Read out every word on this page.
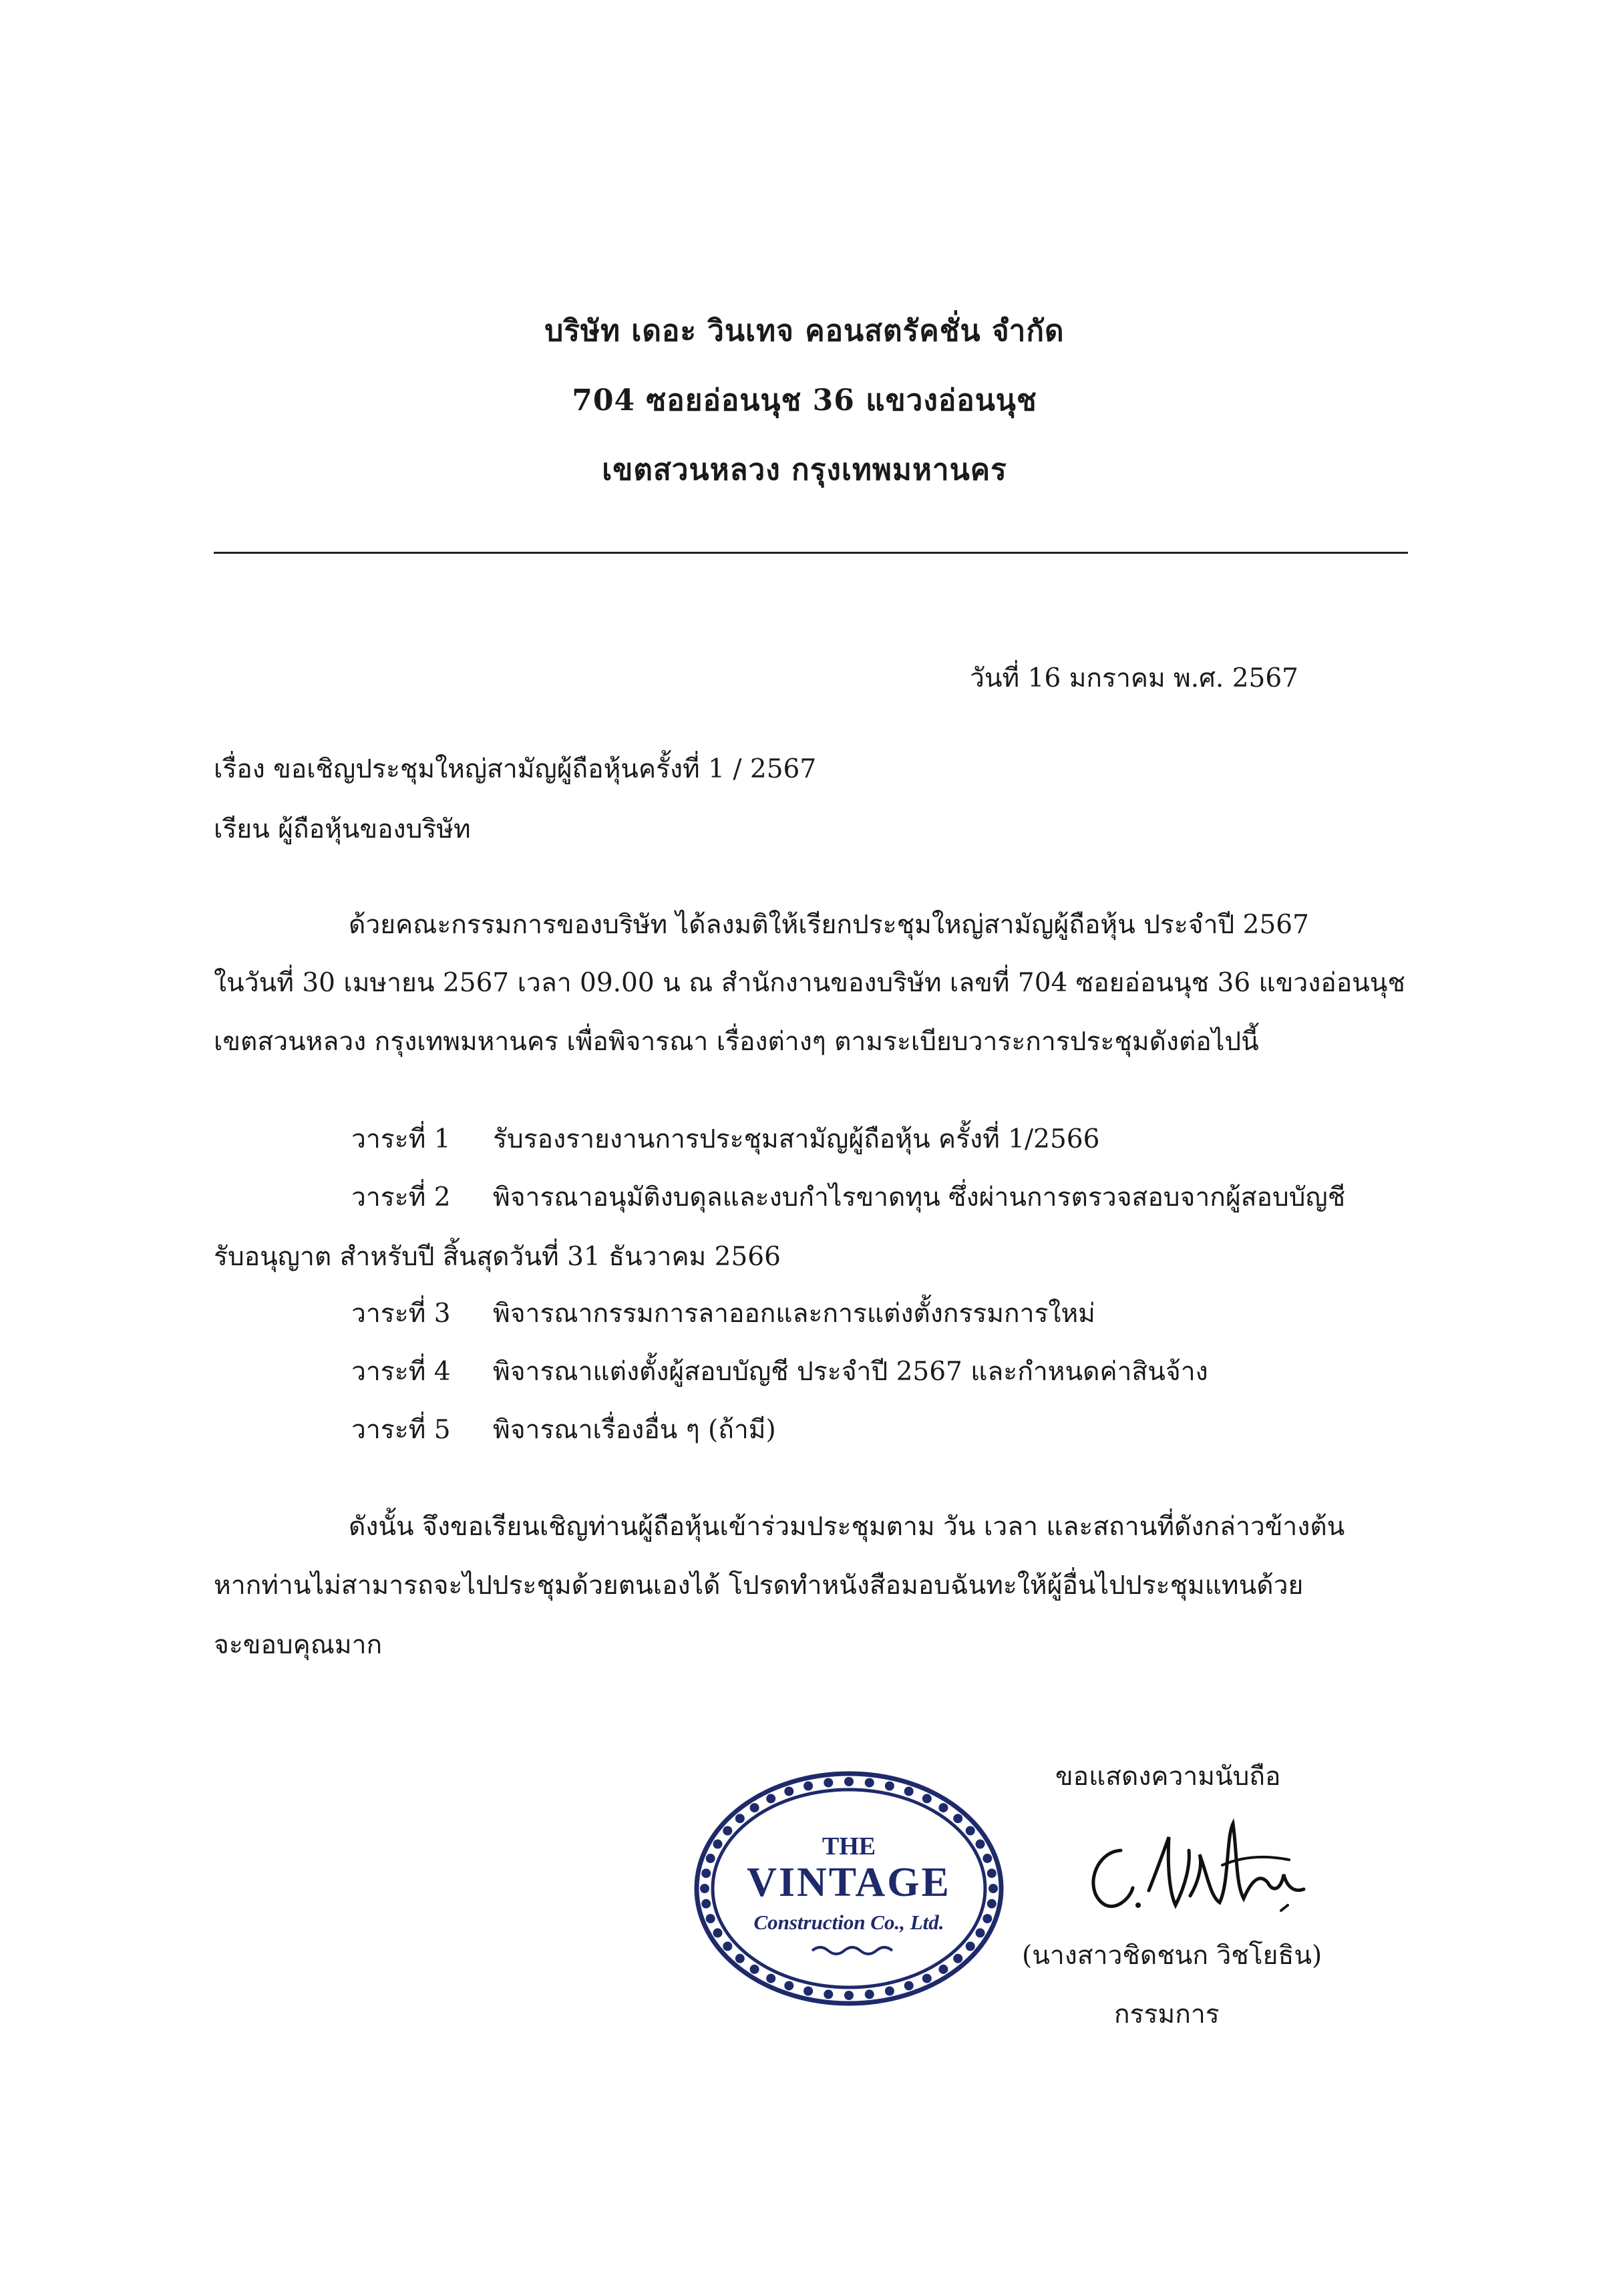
บริษัท เดอะ วินเทจ คอนสตรัคชั่น จำกัด
704 ซอยอ่อนนุช 36 แขวงอ่อนนุช
เขตสวนหลวง กรุงเทพมหานคร
วันที่ 16 มกราคม พ.ศ. 2567
เรื่อง ขอเชิญประชุมใหญ่สามัญผู้ถือหุ้นครั้งที่ 1 / 2567
เรียน ผู้ถือหุ้นของบริษัท
ด้วยคณะกรรมการของบริษัท ได้ลงมติให้เรียกประชุมใหญ่สามัญผู้ถือหุ้น ประจำปี 2567
ในวันที่ 30 เมษายน 2567 เวลา 09.00 น ณ สำนักงานของบริษัท เลขที่ 704 ซอยอ่อนนุช 36 แขวงอ่อนนุช
เขตสวนหลวง กรุงเทพมหานคร เพื่อพิจารณา เรื่องต่างๆ ตามระเบียบวาระการประชุมดังต่อไปนี้
วาระที่ 1 รับรองรายงานการประชุมสามัญผู้ถือหุ้น ครั้งที่ 1/2566
วาระที่ 2 พิจารณาอนุมัติงบดุลและงบกำไรขาดทุน ซึ่งผ่านการตรวจสอบจากผู้สอบบัญชี
รับอนุญาต สำหรับปี สิ้นสุดวันที่ 31 ธันวาคม 2566
วาระที่ 3 พิจารณากรรมการลาออกและการแต่งตั้งกรรมการใหม่
วาระที่ 4 พิจารณาแต่งตั้งผู้สอบบัญชี ประจำปี 2567 และกำหนดค่าสินจ้าง
วาระที่ 5 พิจารณาเรื่องอื่น ๆ (ถ้ามี)
ดังนั้น จึงขอเรียนเชิญท่านผู้ถือหุ้นเข้าร่วมประชุมตาม วัน เวลา และสถานที่ดังกล่าวข้างต้น
หากท่านไม่สามารถจะไปประชุมด้วยตนเองได้ โปรดทำหนังสือมอบฉันทะให้ผู้อื่นไปประชุมแทนด้วย
จะขอบคุณมาก
THE
VINTAGE
Construction Co., Ltd.
ขอแสดงความนับถือ
(นางสาวชิดชนก วิชโยธิน)
กรรมการ
